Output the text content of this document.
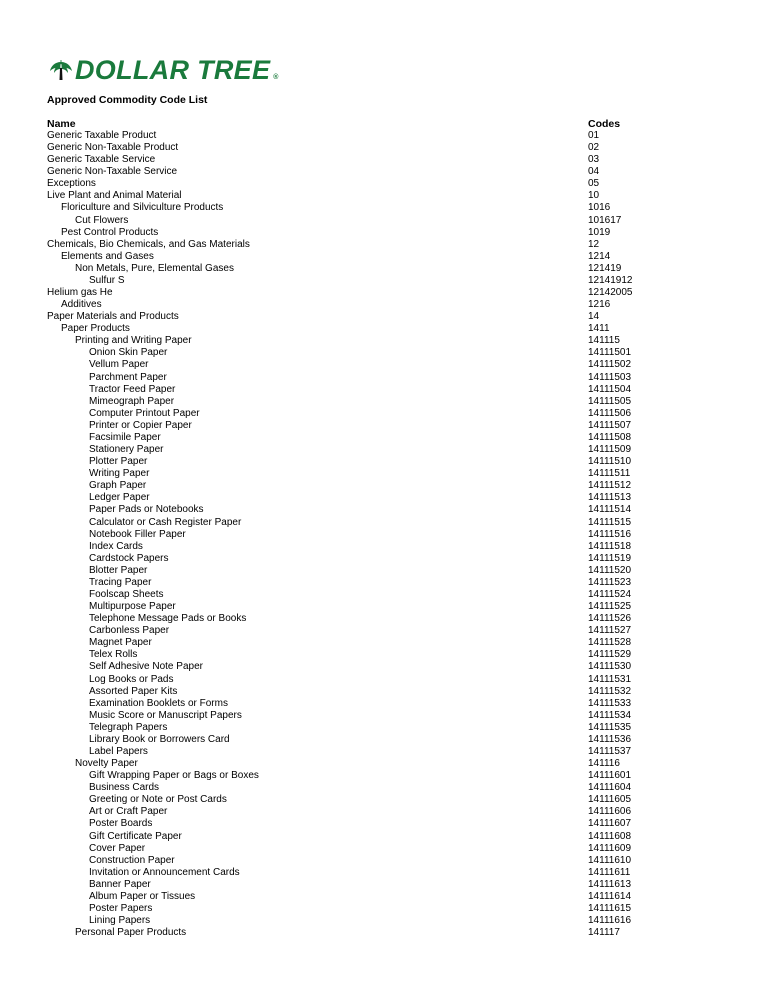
DOLLAR TREE ®
Approved Commodity Code List
Name	Codes
Generic Taxable Product	01
Generic Non-Taxable Product	02
Generic Taxable Service	03
Generic Non-Taxable Service	04
Exceptions	05
Live Plant and Animal Material	10
Floriculture and Silviculture Products	1016
Cut Flowers	101617
Pest Control Products	1019
Chemicals, Bio Chemicals, and Gas Materials	12
Elements and Gases	1214
Non Metals, Pure, Elemental Gases	121419
Sulfur S	12141912
Helium gas He	12142005
Additives	1216
Paper Materials and Products	14
Paper Products	1411
Printing and Writing Paper	141115
Onion Skin Paper	14111501
Vellum Paper	14111502
Parchment Paper	14111503
Tractor Feed Paper	14111504
Mimeograph Paper	14111505
Computer Printout Paper	14111506
Printer or Copier Paper	14111507
Facsimile Paper	14111508
Stationery Paper	14111509
Plotter Paper	14111510
Writing Paper	14111511
Graph Paper	14111512
Ledger Paper	14111513
Paper Pads or Notebooks	14111514
Calculator or Cash Register Paper	14111515
Notebook Filler Paper	14111516
Index Cards	14111518
Cardstock Papers	14111519
Blotter Paper	14111520
Tracing Paper	14111523
Foolscap Sheets	14111524
Multipurpose Paper	14111525
Telephone Message Pads or Books	14111526
Carbonless Paper	14111527
Magnet Paper	14111528
Telex Rolls	14111529
Self Adhesive Note Paper	14111530
Log Books or Pads	14111531
Assorted Paper Kits	14111532
Examination Booklets or Forms	14111533
Music Score or Manuscript Papers	14111534
Telegraph Papers	14111535
Library Book or Borrowers Card	14111536
Label Papers	14111537
Novelty Paper	141116
Gift Wrapping Paper or Bags or Boxes	14111601
Business Cards	14111604
Greeting or Note or Post Cards	14111605
Art or Craft Paper	14111606
Poster Boards	14111607
Gift Certificate Paper	14111608
Cover Paper	14111609
Construction Paper	14111610
Invitation or Announcement Cards	14111611
Banner Paper	14111613
Album Paper or Tissues	14111614
Poster Papers	14111615
Lining Papers	14111616
Personal Paper Products	141117
